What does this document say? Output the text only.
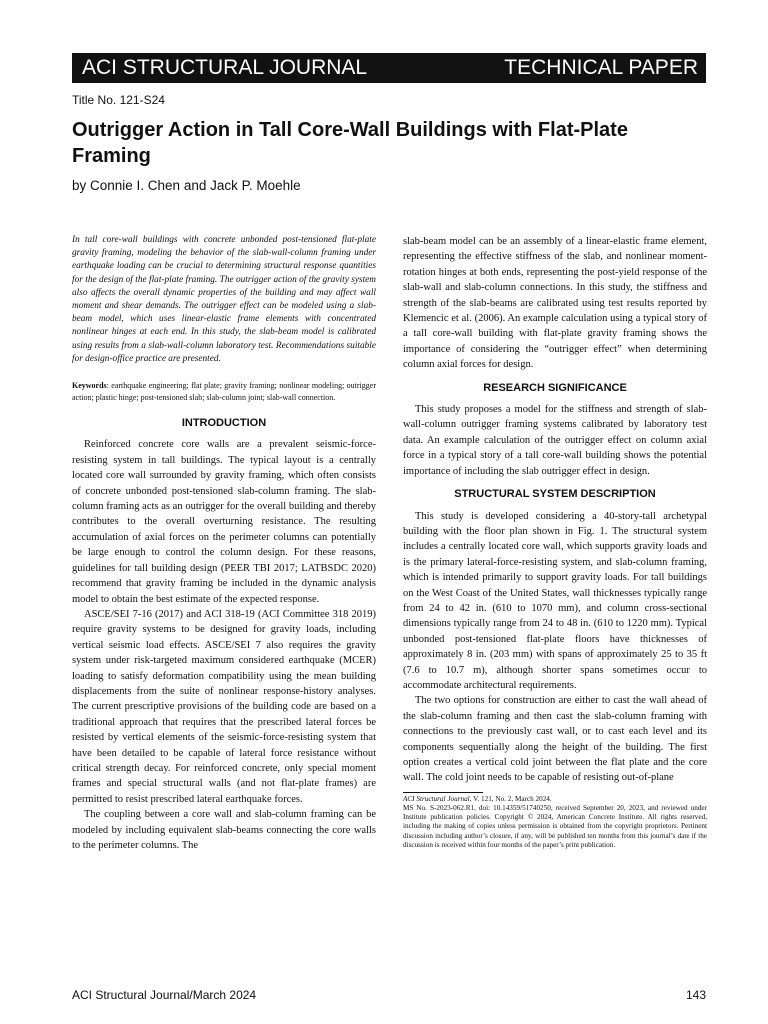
ACI STRUCTURAL JOURNAL	TECHNICAL PAPER
Title No. 121-S24
Outrigger Action in Tall Core-Wall Buildings with Flat-Plate Framing
by Connie I. Chen and Jack P. Moehle

In tall core-wall buildings with concrete unbonded post-tensioned flat-plate gravity framing, modeling the behavior of the slab-wall-column framing under earthquake loading can be crucial to determining structural response quantities for the design of the flat-plate framing. The outrigger action of the gravity system also affects the overall dynamic properties of the building and may affect wall moment and shear demands. The outrigger effect can be modeled using a slab-beam model, which uses linear-elastic frame elements with concentrated nonlinear hinges at each end. In this study, the slab-beam model is calibrated using results from a slab-wall-column laboratory test. Recommendations suitable for design-office practice are presented.

Keywords: earthquake engineering; flat plate; gravity framing; nonlinear modeling; outrigger action; plastic hinge; post-tensioned slab; slab-column joint; slab-wall connection.

INTRODUCTION

Reinforced concrete core walls are a prevalent seismic-force-resisting system in tall buildings. The typical layout is a centrally located core wall surrounded by gravity framing, which often consists of concrete unbonded post-tensioned slab-column framing. The slab-column framing acts as an outrigger for the overall building and thereby contributes to the overall overturning resistance. The resulting accumulation of axial forces on the perimeter columns can potentially be large enough to control the column design. For these reasons, guidelines for tall building design (PEER TBI 2017; LATBSDC 2020) recommend that gravity framing be included in the dynamic analysis model to obtain the best estimate of the expected response.

ASCE/SEI 7-16 (2017) and ACI 318-19 (ACI Committee 318 2019) require gravity systems to be designed for gravity loads, including vertical seismic load effects. ASCE/SEI 7 also requires the gravity system under risk-targeted maximum considered earthquake (MCER) loading to satisfy deformation compatibility using the mean building displacements from the suite of nonlinear response-history analyses. The current prescriptive provisions of the building code are based on a traditional approach that requires that the prescribed lateral forces be resisted by vertical elements of the seismic-force-resisting system that have been detailed to be capable of lateral force resistance without critical strength decay. For reinforced concrete, only special moment frames and special structural walls (and not flat-plate frames) are permitted to resist prescribed lateral earthquake forces.

The coupling between a core wall and slab-column framing can be modeled by including equivalent slab-beams connecting the core walls to the perimeter columns. The

slab-beam model can be an assembly of a linear-elastic frame element, representing the effective stiffness of the slab, and nonlinear moment-rotation hinges at both ends, representing the post-yield response of the slab-wall and slab-column connections. In this study, the stiffness and strength of the slab-beams are calibrated using test results reported by Klemencic et al. (2006). An example calculation using a typical story of a tall core-wall building with flat-plate gravity framing shows the importance of considering the “outrigger effect” when determining column axial forces for design.

RESEARCH SIGNIFICANCE

This study proposes a model for the stiffness and strength of slab-wall-column outrigger framing systems calibrated by laboratory test data. An example calculation of the outrigger effect on column axial force in a typical story of a tall core-wall building shows the potential importance of including the slab outrigger effect in design.

STRUCTURAL SYSTEM DESCRIPTION

This study is developed considering a 40-story-tall archetypal building with the floor plan shown in Fig. 1. The structural system includes a centrally located core wall, which supports gravity loads and is the primary lateral-force-resisting system, and slab-column framing, which is intended primarily to support gravity loads. For tall buildings on the West Coast of the United States, wall thicknesses typically range from 24 to 42 in. (610 to 1070 mm), and column cross-sectional dimensions typically range from 24 to 48 in. (610 to 1220 mm). Typical unbonded post-tensioned flat-plate floors have thicknesses of approximately 8 in. (203 mm) with spans of approximately 25 to 35 ft (7.6 to 10.7 m), although shorter spans sometimes occur to accommodate architectural requirements.

The two options for construction are either to cast the wall ahead of the slab-column framing and then cast the slab-column framing with connections to the previously cast wall, or to cast each level and its components sequentially along the height of the building. The first option creates a vertical cold joint between the flat plate and the core wall. The cold joint needs to be capable of resisting out-of-plane

ACI Structural Journal, V. 121, No. 2, March 2024.

MS No. S-2023-062.R1, doi: 10.14359/51740250, received September 20, 2023, and reviewed under Institute publication policies. Copyright © 2024, American Concrete Institute. All rights reserved, including the making of copies unless permission is obtained from the copyright proprietors. Pertinent discussion including author’s closure, if any, will be published ten months from this journal’s date if the discussion is received within four months of the paper’s print publication.

ACI Structural Journal/March 2024	143
